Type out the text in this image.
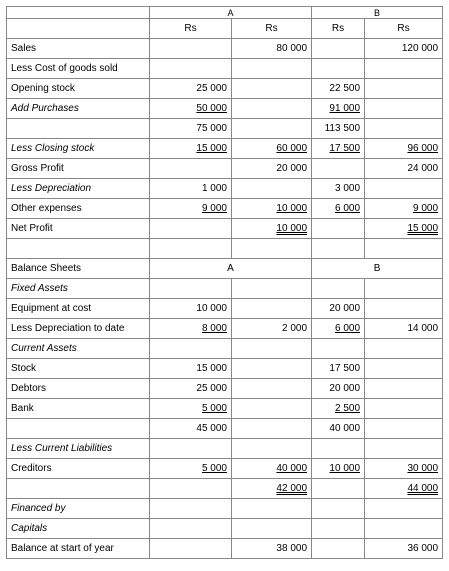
	A		B	
	Rs	Rs	Rs	Rs
Sales		80 000		120 000
Less Cost of goods sold				
Opening stock	25 000		22 500	
Add Purchases	50 000		91 000	
	75 000		113 500	
Less Closing stock	15 000	60 000	17 500	96 000
Gross Profit		20 000		24 000
Less Depreciation	1 000		3 000	
Other expenses	9 000	10 000	6 000	9 000
Net Profit		10 000		15 000

Balance Sheets	A		B	
Fixed Assets				
Equipment at cost	10 000		20 000	
Less Depreciation to date	8 000	2 000	6 000	14 000
Current Assets				
Stock	15 000		17 500	
Debtors	25 000		20 000	
Bank	5 000		2 500	
	45 000		40 000	
Less Current Liabilities				
Creditors	5 000	40 000	10 000	30 000
		42 000		44 000
Financed by				
Capitals				
Balance at start of year		38 000		36 000
